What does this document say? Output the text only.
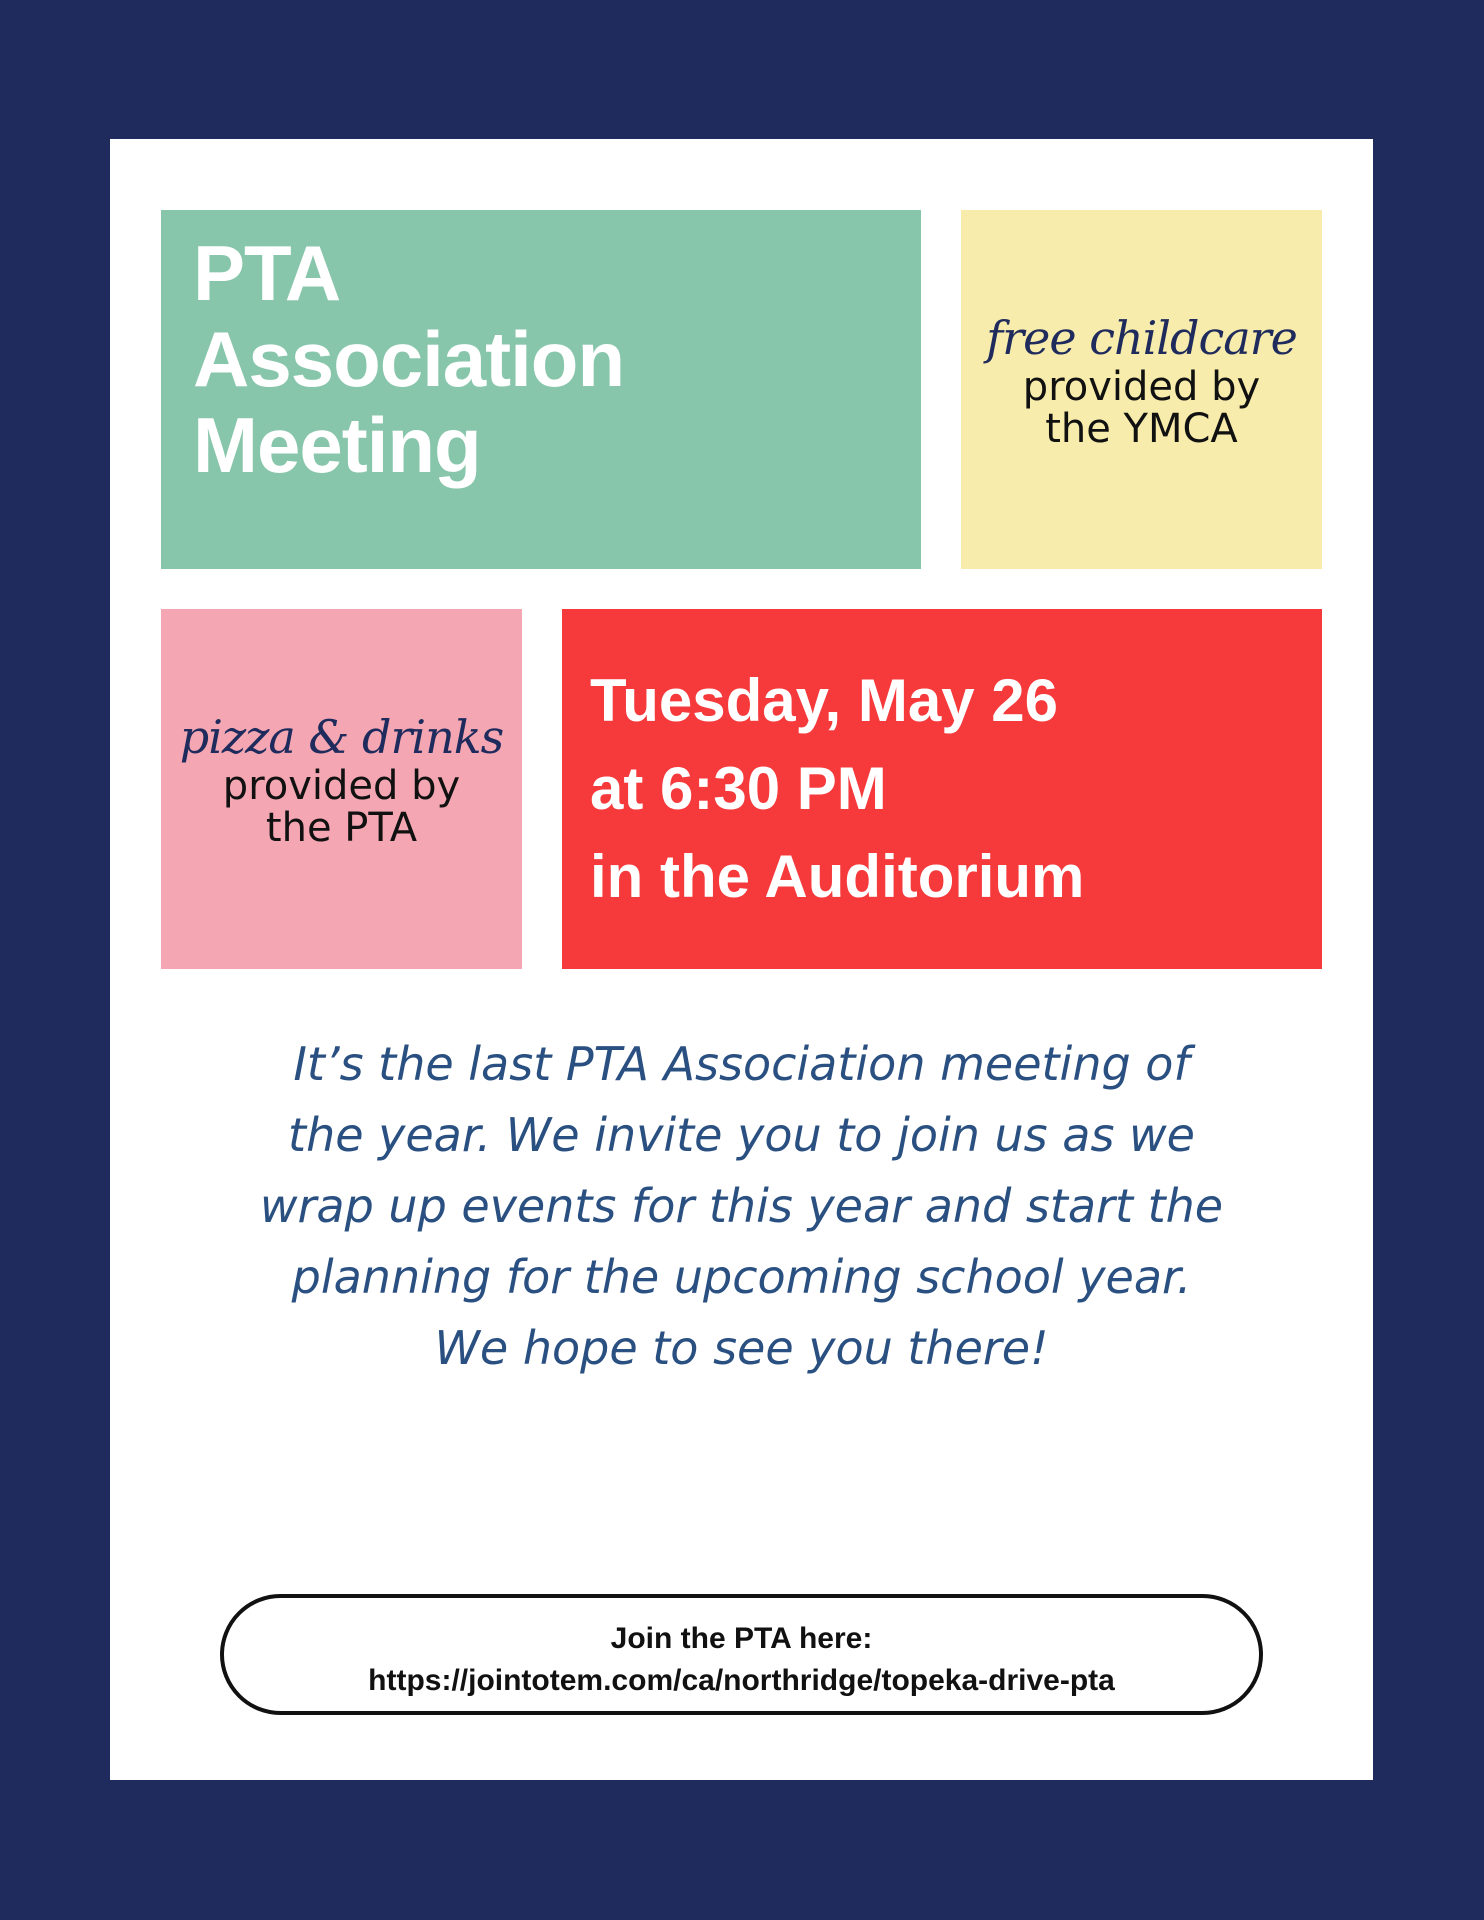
PTA
Association
Meeting
free childcare
provided by
the YMCA
pizza & drinks
provided by
the PTA
Tuesday, May 26
at 6:30 PM
in the Auditorium
It’s the last PTA Association meeting of
the year. We invite you to join us as we
wrap up events for this year and start the
planning for the upcoming school year.
We hope to see you there!
Join the PTA here:
https://jointotem.com/ca/northridge/topeka-drive-pta
